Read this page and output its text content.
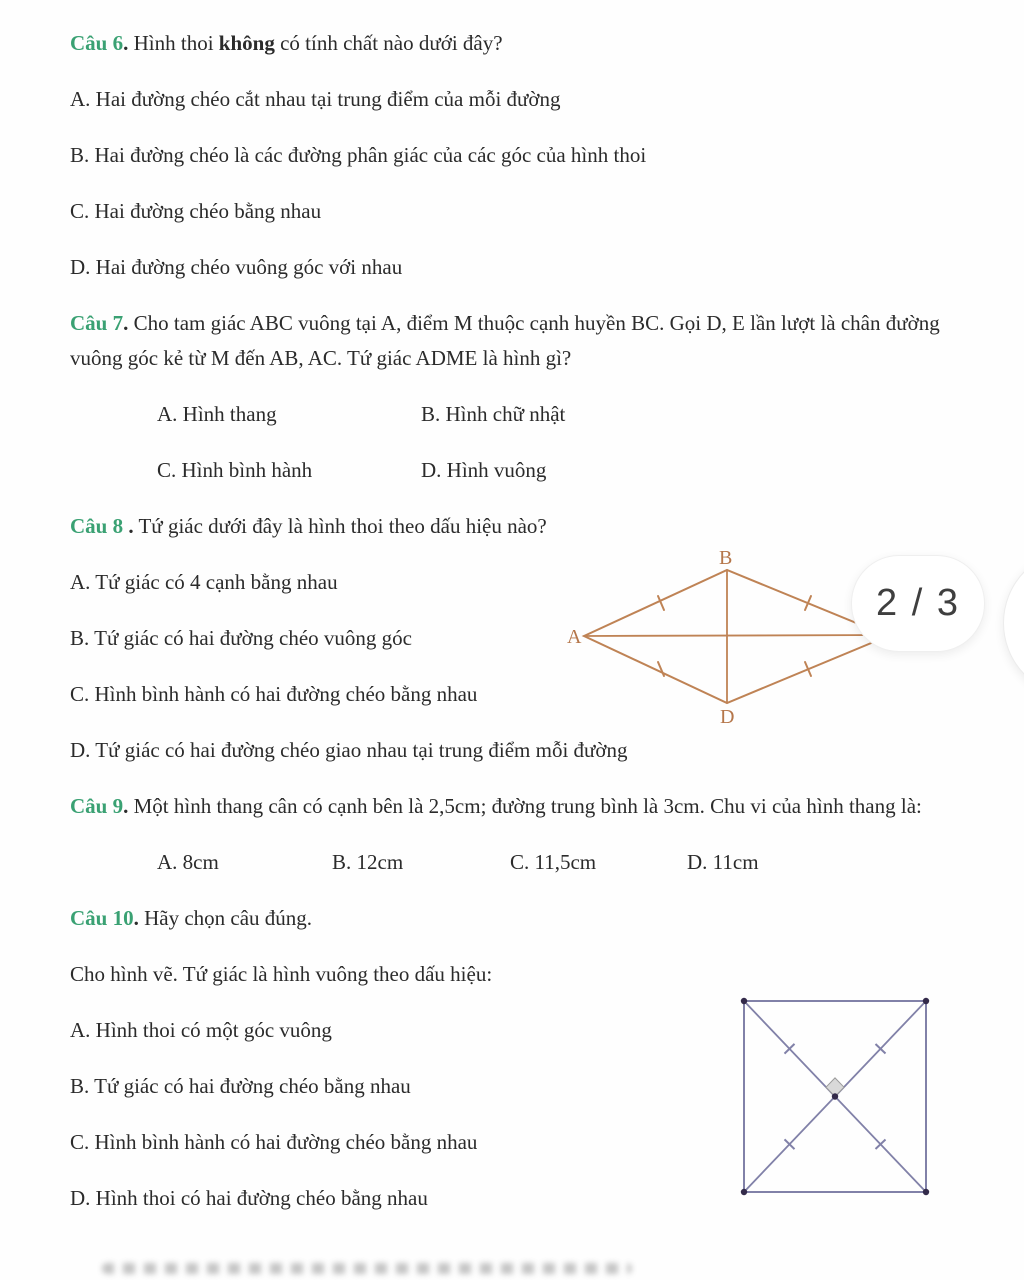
Câu 6. Hình thoi không có tính chất nào dưới đây?

A. Hai đường chéo cắt nhau tại trung điểm của mỗi đường

B. Hai đường chéo là các đường phân giác của các góc của hình thoi

C. Hai đường chéo bằng nhau

D. Hai đường chéo vuông góc với nhau

Câu 7. Cho tam giác ABC vuông tại A, điểm M thuộc cạnh huyền BC. Gọi D, E lần lượt là chân đường vuông góc kẻ từ M đến AB, AC. Tứ giác ADME là hình gì?

A. Hình thang	B. Hình chữ nhật

C. Hình bình hành	D. Hình vuông

Câu 8 . Tứ giác dưới đây là hình thoi theo dấu hiệu nào?

A. Tứ giác có 4 cạnh bằng nhau

B. Tứ giác có hai đường chéo vuông góc

C. Hình bình hành có hai đường chéo bằng nhau

D. Tứ giác có hai đường chéo giao nhau tại trung điểm mỗi đường

Câu 9. Một hình thang cân có cạnh bên là 2,5cm; đường trung bình là 3cm. Chu vi của hình thang là:

A. 8cm	B. 12cm	C. 11,5cm	D. 11cm

Câu 10. Hãy chọn câu đúng.

Cho hình vẽ. Tứ giác là hình vuông theo dấu hiệu:

A. Hình thoi có một góc vuông

B. Tứ giác có hai đường chéo bằng nhau

C. Hình bình hành có hai đường chéo bằng nhau

D. Hình thoi có hai đường chéo bằng nhau

A
B
D
2 / 3
